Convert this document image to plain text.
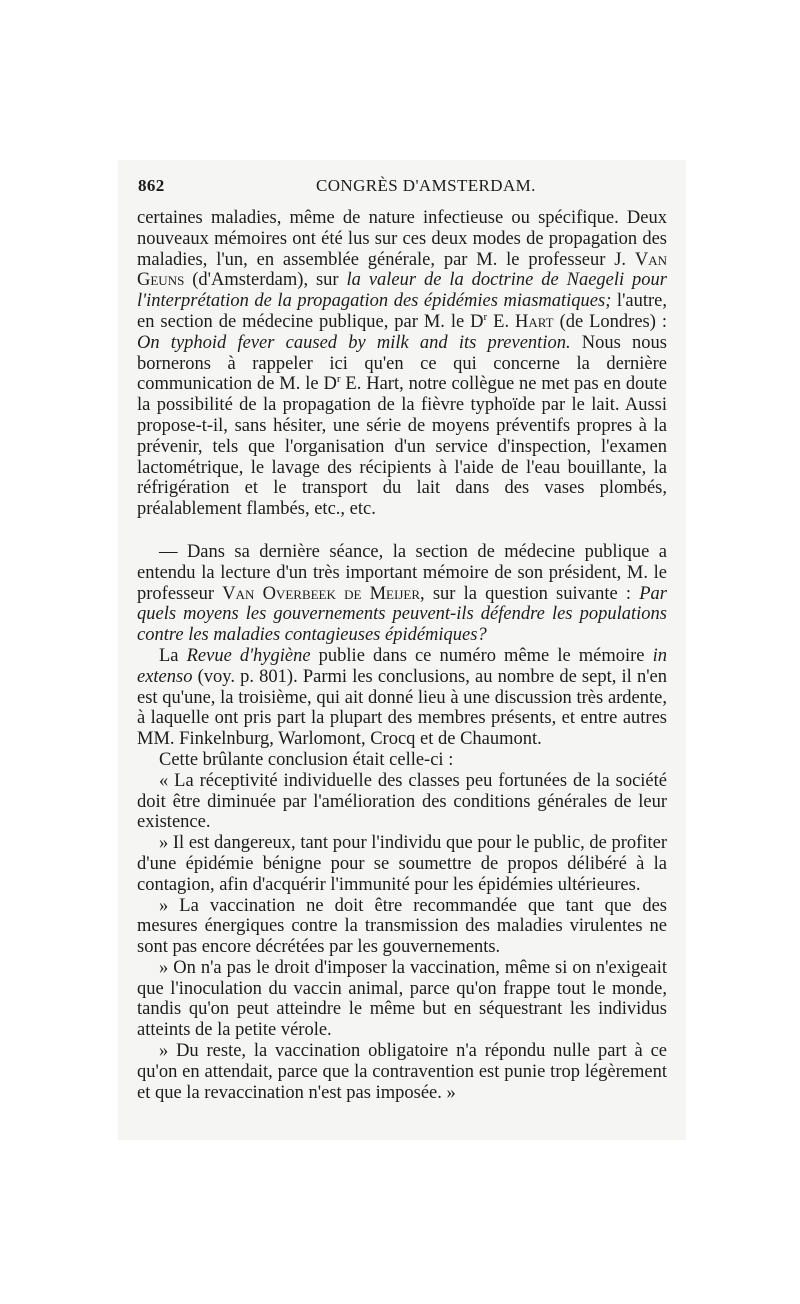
862	CONGRÈS D'AMSTERDAM.

certaines maladies, même de nature infectieuse ou spécifique. Deux nouveaux mémoires ont été lus sur ces deux modes de propagation des maladies, l'un, en assemblée générale, par M. le professeur J. Van Geuns (d'Amsterdam), sur la valeur de la doctrine de Naegeli pour l'interprétation de la propagation des épidémies miasmatiques; l'autre, en section de médecine publique, par M. le $D^r$ E. Hart (de Londres) : On typhoid fever caused by milk and its prevention. Nous nous bornerons à rappeler ici qu'en ce qui concerne la dernière communication de M. le $D^r$ E. Hart, notre collègue ne met pas en doute la possibilité de la propagation de la fièvre typhoïde par le lait. Aussi propose-t-il, sans hésiter, une série de moyens préventifs propres à la prévenir, tels que l'organisation d'un service d'inspection, l'examen lactométrique, le lavage des récipients à l'aide de l'eau bouillante, la réfrigération et le transport du lait dans des vases plombés, préalablement flambés, etc., etc.

— Dans sa dernière séance, la section de médecine publique a entendu la lecture d'un très important mémoire de son président, M. le professeur Van Overbeek de Meijer, sur la question suivante : Par quels moyens les gouvernements peuvent-ils défendre les populations contre les maladies contagieuses épidémiques?

La Revue d'hygiène publie dans ce numéro même le mémoire in extenso (voy. p. 801). Parmi les conclusions, au nombre de sept, il n'en est qu'une, la troisième, qui ait donné lieu à une discussion très ardente, à laquelle ont pris part la plupart des membres présents, et entre autres MM. Finkelnburg, Warlomont, Crocq et de Chaumont.

Cette brûlante conclusion était celle-ci :

« La réceptivité individuelle des classes peu fortunées de la société doit être diminuée par l'amélioration des conditions générales de leur existence.

» Il est dangereux, tant pour l'individu que pour le public, de profiter d'une épidémie bénigne pour se soumettre de propos délibéré à la contagion, afin d'acquérir l'immunité pour les épidémies ultérieures.

» La vaccination ne doit être recommandée que tant que des mesures énergiques contre la transmission des maladies virulentes ne sont pas encore décrétées par les gouvernements.

» On n'a pas le droit d'imposer la vaccination, même si on n'exigeait que l'inoculation du vaccin animal, parce qu'on frappe tout le monde, tandis qu'on peut atteindre le même but en séquestrant les individus atteints de la petite vérole.

» Du reste, la vaccination obligatoire n'a répondu nulle part à ce qu'on en attendait, parce que la contravention est punie trop légèrement et que la revaccination n'est pas imposée. »
